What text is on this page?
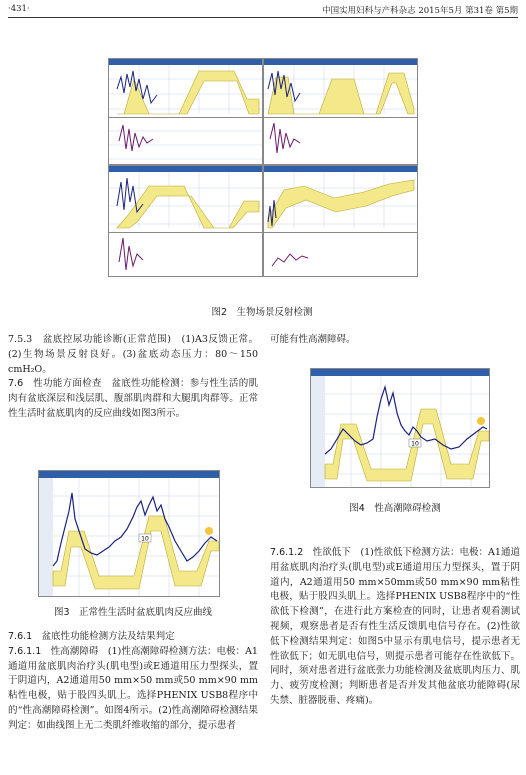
·431·	中国实用妇科与产科杂志 2015年5月 第31卷 第5期
图2　生物场景反射检测

7.5.3　盆底控尿功能诊断(正常范围)　(1)A3反馈正常。(2)生物场景反射良好。(3)盆底动态压力：80～150 cmH₂O。

7.6　性功能方面检查　盆底性功能检测：参与性生活的肌肉有盆底深层和浅层肌、腹部肌肉群和大腿肌肉群等。正常性生活时盆底肌肉的反应曲线如图3所示。

10
图3　正常性生活时盆底肌肉反应曲线

7.6.1　盆底性功能检测方法及结果判定

7.6.1.1　性高潮障碍　(1)性高潮障碍检测方法：电极：A1通道用盆底肌肉治疗头(肌电型)或E通道用压力型探头，置于阴道内，A2通道用50 mm×50 mm或50 mm×90 mm粘性电极，贴于股四头肌上。选择PHENIX USB8程序中的“性高潮障碍检测”。如图4所示。(2)性高潮障碍检测结果判定：如曲线图上无二类肌纤维收缩的部分，提示患者

可能有性高潮障碍。

10
图4　性高潮障碍检测

7.6.1.2　性欲低下　(1)性欲低下检测方法：电极：A1通道用盆底肌肉治疗头(肌电型)或E通道用压力型探头，置于阴道内，A2通道用50 mm×50mm或50 mm×90 mm粘性电极，贴于股四头肌上。选择PHENIX USB8程序中的“性欲低下检测”，在进行此方案检查的同时，让患者观看测试视频，观察患者是否有性生活反馈肌电信号存在。(2)性欲低下检测结果判定：如图5中显示有肌电信号，提示患者无性欲低下；如无肌电信号，则提示患者可能存在性欲低下。同时，须对患者进行盆底张力功能检测及盆底肌肉压力、肌力、疲劳度检测；判断患者是否并发其他盆底功能障碍(尿失禁、脏器脱垂、疼痛)。
